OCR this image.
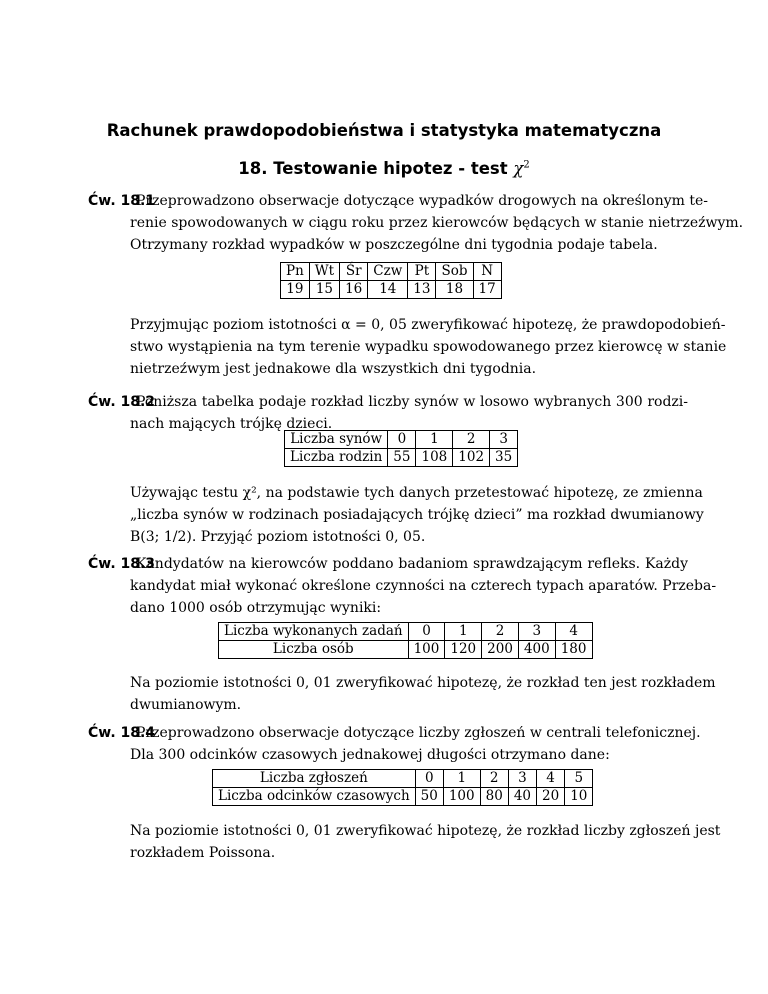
Rachunek prawdopodobieństwa i statystyka matematyczna
18. Testowanie hipotez - test $\chi^2$
Ćw. 18.1
Przeprowadzono obserwacje dotyczące wypadków drogowych na określonym te-
renie spowodowanych w ciągu roku przez kierowców będących w stanie nietrzeźwym.
Otrzymany rozkład wypadków w poszczególne dni tygodnia podaje tabela.
Pn	Wt	Śr	Czw	Pt	Sob	N
19	15	16	14	13	18	17
Przyjmując poziom istotności α = 0, 05 zweryfikować hipotezę, że prawdopodobień-
stwo wystąpienia na tym terenie wypadku spowodowanego przez kierowcę w stanie
nietrzeźwym jest jednakowe dla wszystkich dni tygodnia.
Ćw. 18.2
Poniższa tabelka podaje rozkład liczby synów w losowo wybranych 300 rodzi-
nach mających trójkę dzieci.
Liczba synów	0	1	2	3
Liczba rodzin	55	108	102	35
Używając testu χ², na podstawie tych danych przetestować hipotezę, ze zmienna
„liczba synów w rodzinach posiadających trójkę dzieci” ma rozkład dwumianowy
B(3; 1/2). Przyjąć poziom istotności 0, 05.
Ćw. 18.3
Kandydatów na kierowców poddano badaniom sprawdzającym refleks. Każdy
kandydat miał wykonać określone czynności na czterech typach aparatów. Przeba-
dano 1000 osób otrzymując wyniki:
Liczba wykonanych zadań	0	1	2	3	4
Liczba osób	100	120	200	400	180
Na poziomie istotności 0, 01 zweryfikować hipotezę, że rozkład ten jest rozkładem
dwumianowym.
Ćw. 18.4
Przeprowadzono obserwacje dotyczące liczby zgłoszeń w centrali telefonicznej.
Dla 300 odcinków czasowych jednakowej długości otrzymano dane:
Liczba zgłoszeń	0	1	2	3	4	5
Liczba odcinków czasowych	50	100	80	40	20	10
Na poziomie istotności 0, 01 zweryfikować hipotezę, że rozkład liczby zgłoszeń jest
rozkładem Poissona.
